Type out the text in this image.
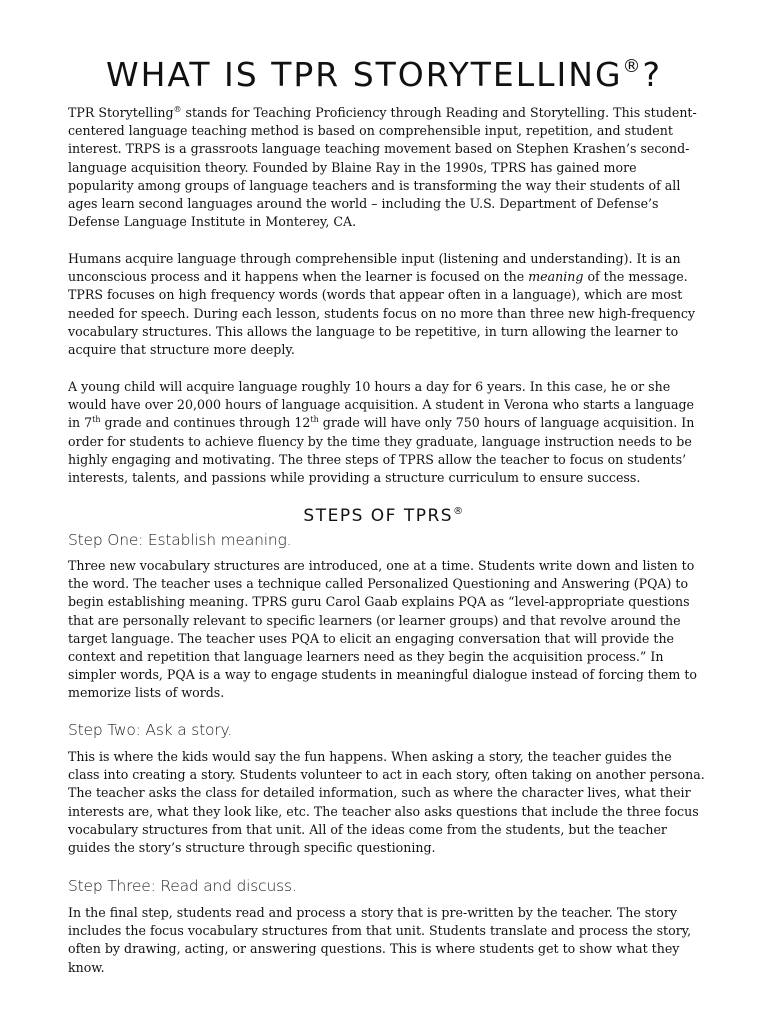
WHAT IS TPR STORYTELLING®?

TPR Storytelling® stands for Teaching Proficiency through Reading and Storytelling. This student-
centered language teaching method is based on comprehensible input, repetition, and student
interest. TRPS is a grassroots language teaching movement based on Stephen Krashen’s second-
language acquisition theory. Founded by Blaine Ray in the 1990s, TPRS has gained more
popularity among groups of language teachers and is transforming the way their students of all
ages learn second languages around the world – including the U.S. Department of Defense’s
Defense Language Institute in Monterey, CA.

Humans acquire language through comprehensible input (listening and understanding). It is an
unconscious process and it happens when the learner is focused on the meaning of the message.
TPRS focuses on high frequency words (words that appear often in a language), which are most
needed for speech. During each lesson, students focus on no more than three new high-frequency
vocabulary structures. This allows the language to be repetitive, in turn allowing the learner to
acquire that structure more deeply.

A young child will acquire language roughly 10 hours a day for 6 years. In this case, he or she
would have over 20,000 hours of language acquisition. A student in Verona who starts a language
in 7th grade and continues through 12th grade will have only 750 hours of language acquisition. In
order for students to achieve fluency by the time they graduate, language instruction needs to be
highly engaging and motivating. The three steps of TPRS allow the teacher to focus on students’
interests, talents, and passions while providing a structure curriculum to ensure success.

STEPS OF TPRS®
Step One: Establish meaning.

Three new vocabulary structures are introduced, one at a time. Students write down and listen to
the word. The teacher uses a technique called Personalized Questioning and Answering (PQA) to
begin establishing meaning. TPRS guru Carol Gaab explains PQA as “level-appropriate questions
that are personally relevant to specific learners (or learner groups) and that revolve around the
target language. The teacher uses PQA to elicit an engaging conversation that will provide the
context and repetition that language learners need as they begin the acquisition process.” In
simpler words, PQA is a way to engage students in meaningful dialogue instead of forcing them to
memorize lists of words.

Step Two: Ask a story.

This is where the kids would say the fun happens. When asking a story, the teacher guides the
class into creating a story. Students volunteer to act in each story, often taking on another persona.
The teacher asks the class for detailed information, such as where the character lives, what their
interests are, what they look like, etc. The teacher also asks questions that include the three focus
vocabulary structures from that unit. All of the ideas come from the students, but the teacher
guides the story’s structure through specific questioning.

Step Three: Read and discuss.

In the final step, students read and process a story that is pre-written by the teacher. The story
includes the focus vocabulary structures from that unit. Students translate and process the story,
often by drawing, acting, or answering questions. This is where students get to show what they know.
